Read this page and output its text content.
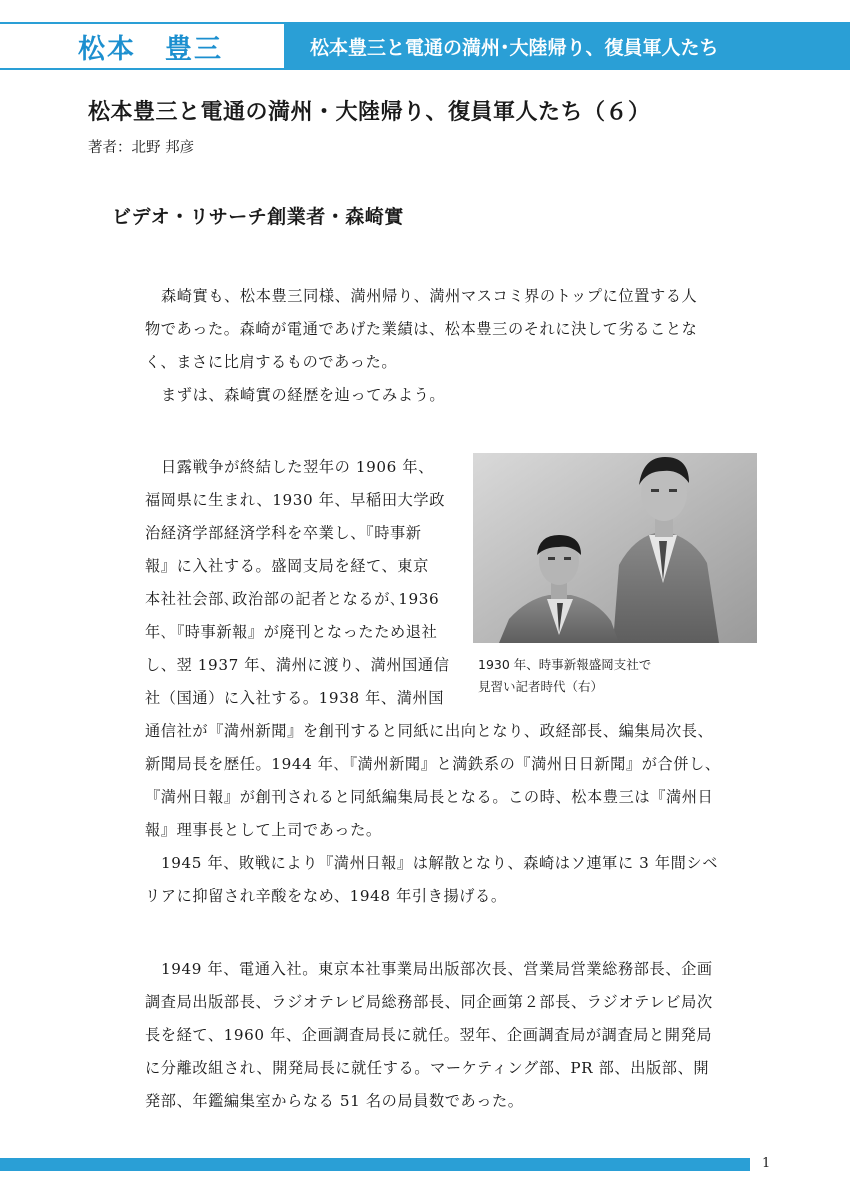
松本　豊三	松本豊三と電通の満州･大陸帰り、復員軍人たち
松本豊三と電通の満州・大陸帰り、復員軍人たち（６）
著者：北野 邦彦
ビデオ・リサーチ創業者・森崎實
森崎實も、松本豊三同様、満州帰り、満州マスコミ界のトップに位置する人
物であった。森崎が電通であげた業績は、松本豊三のそれに決して劣ることな
く、まさに比肩するものであった。
まずは、森崎實の経歴を辿ってみよう。
日露戦争が終結した翌年の 1906 年、
福岡県に生まれ、1930 年、早稲田大学政
治経済学部経済学科を卒業し、『時事新
報』に入社する。盛岡支局を経て、東京
本社社会部､政治部の記者となるが､1936
年､『時事新報』が廃刊となったため退社
し、翌 1937 年、満州に渡り、満州国通信
社（国通）に入社する。1938 年、満州国
通信社が『満州新聞』を創刊すると同紙に出向となり、政経部長、編集局次長、
新聞局長を歴任。1944 年､『満州新聞』と満鉄系の『満州日日新聞』が合併し、
『満州日報』が創刊されると同紙編集局長となる。この時、松本豊三は『満州日
報』理事長として上司であった。
1945 年、敗戦により『満州日報』は解散となり、森崎はソ連軍に 3 年間シベ
リアに抑留され辛酸をなめ、1948 年引き揚げる。
1949 年、電通入社。東京本社事業局出版部次長、営業局営業総務部長、企画
調査局出版部長、ラジオテレビ局総務部長、同企画第２部長、ラジオテレビ局次
長を経て、1960 年、企画調査局長に就任。翌年、企画調査局が調査局と開発局
に分離改組され、開発局長に就任する。マーケティング部、PR 部、出版部、開
発部、年鑑編集室からなる 51 名の局員数であった。
1930 年、時事新報盛岡支社で
見習い記者時代（右）
1
